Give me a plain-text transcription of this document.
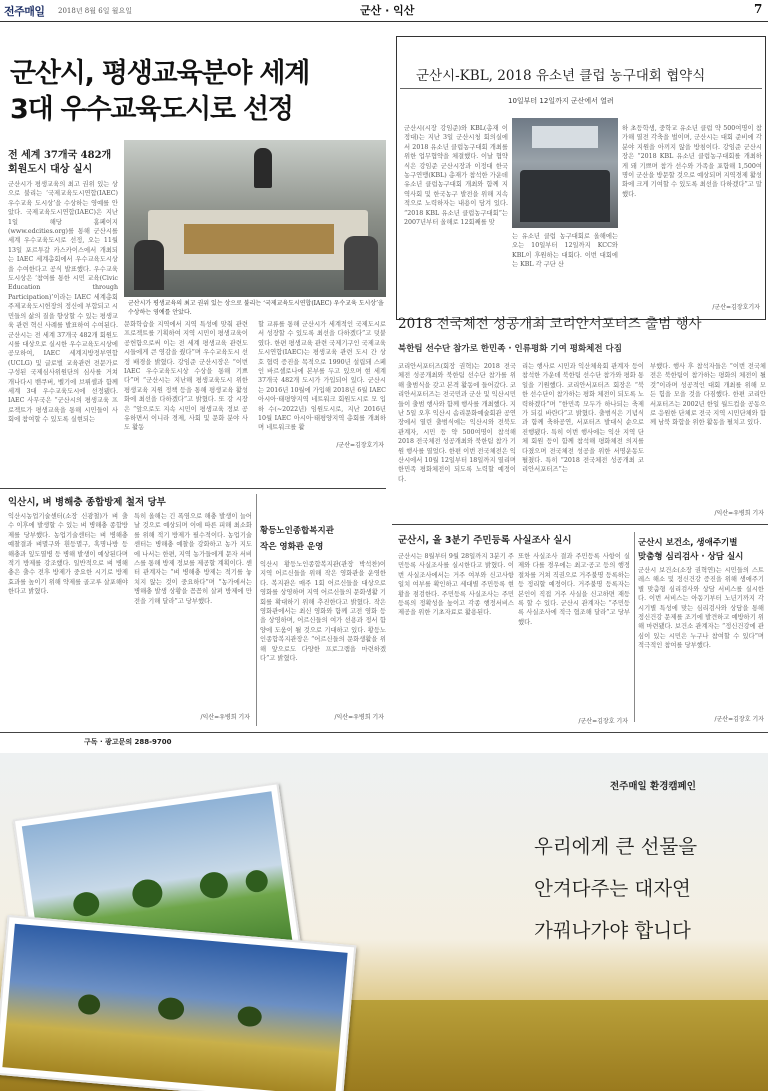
전주매일 2018년 8월 6일 월요일	군산 · 익산	7
군산시, 평생교육분야 세계
3대 우수교육도시로 선정
전 세계 37개국 482개
회원도시 대상 실시
군산시가 평생교육의 최고 권위 있는 상으로 불리는 ‘국제교육도시연합(IAEC) 우수교육 도시상’을 수상하는 영예를 안았다. 국제교육도시연합(IAEC)은 지난 1일 해당 홈페이지(www.edcities.org)를 통해 군산시를 세계 우수교육도시로 선정, 오는 11월 13일 포르투갈 카스카이스에서 개최되는 IAEC 세계총회에서 우수교육도시상을 수여한다고 공식 발표했다. 우수교육도시상은 ‘참여를 통한 시민 교육(Civic Education through Participation)’이라는 IAEC 세계총회 주제교육도시헌장의 정신에 부합되고 시민들의 삶의 질을 향상할 수 있는 평생교육 관련 혁신 사례를 발표하여 수여된다. 군산시는 전 세계 37개국 482개 회원도시를 대상으로 실시한 우수교육도시상에 공모하여, IAEC 세계지방정부연합(UCLG) 및 글로벌 교육관련 전문가로 구성된 국제심사위원단의 심사를 거쳐 개나다시 밴쿠버, 벨기에 브뤼셀과 함께 세계 3대 우수교육도시에 선정됐다. IAEC 사무국은 “군산시의 평생교육 프로젝트가 평생교육을 통해 시민들이 사회에 참여할 수 있도록 실현되는
군산시가 평생교육의 최고 권위 있는 상으로 불리는 ‘국제교육도시연합(IAEC) 우수교육 도시상’을 수상하는 영예를 안았다.
문화학습을 지역에서 지역 특성에 맞춰 관련 프로젝트를 기획하여 지역 시민이 평생교육이 공헌함으로써 이는 전 세계 평생교육 관련도시들에게 큰 영감을 줬다”며 우수교육도시 선정 배경을 밝혔다. 강임준 군산시장은 “이번 IAEC 우수교육도시상 수상을 통해 기쁘다”며 “군산시는 지난해 평생교육도시 위한 평생교육 지원 정책 등을 통해 평생교육 활성화에 최선을 다하겠다”고 밝혔다. 또 강 시장은 “앞으로도 지속 시민이 평생교육 정보 공유하면서 이니라 경제, 사회 및 문화 분야 사도 활동
할 교류를 통해 군산시가 세계적인 국제도시로서 성장할 수 있도록 최선을 다하겠다”고 덧붙였다. 한편 평생교육 관련 국제기구인 국제교육도시연합(IAEC)는 평생교육 관련 도시 간 상호 협력 증진을 목적으로 1990년 설립돼 스페인 바르셀로나에 본부를 두고 있으며 현 세계 37개국 482개 도시가 가입되어 있다. 군산시는 2016년 10월에 가입해 2018년 6월 IAEC 아시아·태평양지역 네트워크 회원도시로 모 입하 수(~2022년) 임원도시로, 지난 2016년 10월 IAEC 아시아·태평양지역 총회를 개최하며 네트워크를 활
/군산=김장호기자
군산시-KBL, 2018 유소년 클럽 농구대회 협약식
10일부터 12일까지 군산에서 열려
군산시(시장 강임준)와 KBL(총재 이정대)는 지난 3일 군산시청 회의실에서 2018 유소년 클럽농구대회 개최를 위한 업무협약을 체결했다. 이날 협약식은 강임준 군산시장과 이정대 한국농구연맹(KBL) 총재가 참석한 가운데 유소년 클럽농구대회 개최와 함께 지역사회 및 한국농구 발전을 위해 지속적으로 노력하자는 내용이 담겨 있다. “2018 KBL 유소년 클럽농구대회”는 2007년부터 올해로 12회째를 맞
는 유소년 클럽 농구대회로 올해에는 오는 10일부터 12일까지 KCC와 KBL이 후원하는 대회다. 이번 대회에는 KBL 각 구단 산
하 초등학생, 중학교 유소년 클럽 약 500여명이 참가해 열전 각축을 벌이며, 군산시는 대회 준비에 각 분야 지원을 아끼지 않을 방침이다. 강임준 군산시장은 “2018 KBL 유소년 클럽농구대회를 개최하게 돼 기쁘며 참가 선수와 가족을 포함해 1,500여명이 군산을 방문할 것으로 예상되며 지역경제 활성화에 크게 기여할 수 있도록 최선을 다하겠다”고 말했다.
/군산=김장호기자
2018 전국체전 성공개최 코리안서포터즈 출범 행사
북한팀 선수단 참가로 한민족 · 인류평화 기여 평화체전 다짐
코리안서포터즈(회장 권혁)는 2018 전국체전 성공개최와 북한팀 선수단 참가를 위해 출범식을 갖고 본격 활동에 들어갔다. 코리안서포터즈는 전국민과 군산 및 익산시민들이 출범 행사와 함께 행사를 개최했다. 지난 5일 오후 익산시 솜리문화예술회관 공연장에서 열린 출범식에는 익산시와 전북도 관계자, 시민 등 약 500여명이 참석해 2018 전국체전 성공개최와 북한팀 참가 기원 행사를 열었다. 한편 이번 전국체전은 익산시에서 10월 12일부터 18일까지 열리며 한민족 평화체전이 되도록 노력할 예정이다.
리는 행사로 시민과 익산체육회 관계자 등이 참석한 가운데 북한팀 선수단 참가와 평화 통일을 기원했다. 코리안서포터즈 회장은 “북한 선수단이 참가하는 평화 체전이 되도록 노력하겠다”며 “한민족 모두가 하나되는 축제가 되길 바란다”고 밝혔다. 출범식은 기념식과 함께 축하공연, 서포터즈 발대식 순으로 진행됐다. 특히 이번 행사에는 익산 지역 단체 회원 등이 함께 참석해 평화체전 의지를 다졌으며 전국체전 성공을 위한 서명운동도 펼쳤다. 특히 “2018 전국체전 성공개최 코리안서포터즈”는
부했다. 행사 후 참석자들은 “이번 전국체전은 북한팀이 참가하는 평화의 체전이 될 것”이라며 성공적인 대회 개최를 위해 모든 힘을 모을 것을 다짐했다. 한편 코리안서포터즈는 2002년 한일 월드컵을 공동으로 응원한 단체로 전국 지역 시민단체와 함께 남북 화합을 위한 활동을 펼치고 있다.
/익산=우병희 기자
익산시, 벼 병해충 종합방제 철저 당부
익산시농업기술센터(소장 신광철)가 벼 출수 이후에 발생할 수 있는 벼 병해충 종합방제를 당부했다. 농업기술센터는 벼 병해충 예찰결과 벼멸구와 흰등멸구, 혹명나방 등 해충과 잎도열병 등 병해 발생이 예상된다며 적기 방제를 강조했다. 일반적으로 벼 병해충은 출수 전후 방제가 중요한 시기로 방제 효과를 높이기 위해 약제를 골고루 살포해야 한다고 밝혔다.
특히 올해는 긴 폭염으로 해충 발생이 늘어날 것으로 예상되며 이에 따른 피해 최소화를 위해 적기 방제가 필수적이다. 농업기술센터는 병해충 예찰을 강화하고 농가 지도에 나서는 한편, 지역 농가들에게 문자 서비스를 통해 방제 정보를 제공할 계획이다. 센터 관계자는 “벼 병해충 방제는 적기를 놓치지 않는 것이 중요하다”며 “농가에서는 병해충 발생 상황을 꼼꼼히 살펴 방제에 만전을 기해 달라”고 당부했다.
/익산=우병희 기자
황등노인종합복지관
작은 영화관 운영
익산시 황등노인종합복지관(관장 박석찬)이 지역 어르신들을 위해 작은 영화관을 운영한다. 복지관은 매주 1회 어르신들을 대상으로 영화를 상영하며 지역 어르신들의 문화생활 기회를 확대하기 위해 추진한다고 밝혔다. 작은 영화관에서는 최신 영화와 함께 고전 영화 등을 상영하며, 어르신들의 여가 선용과 정서 함양에 도움이 될 것으로 기대하고 있다. 황등노인종합복지관장은 “어르신들의 문화생활을 위해 앞으로도 다양한 프로그램을 마련하겠다”고 밝혔다.
/익산=우병희 기자
군산시, 올 3분기 주민등록 사실조사 실시
군산시는 8월부터 9월 28일까지 3분기 주민등록 사실조사를 실시한다고 밝혔다. 이번 사실조사에서는 거주 여부와 신고사항 일치 여부를 확인하고 세대별 주민등록 현황을 점검한다. 주민등록 사실조사는 주민등록의 정확성을 높이고 각종 행정서비스 제공을 위한 기초자료로 활용된다.
또한 사실조사 결과 주민등록 사항이 실제와 다를 경우에는 최고·공고 등의 행정 절차를 거쳐 직권으로 거주불명 등록하는 등 정리할 예정이다. 거주불명 등록자는 본인이 직접 거주 사실을 신고하면 재등록 할 수 있다. 군산시 관계자는 “주민등록 사실조사에 적극 협조해 달라”고 당부했다.
/군산=김장호 기자
군산시 보건소, 생애주기별
맞춤형 심리검사 · 상담 실시
군산시 보건소(소장 권혁연)는 시민들의 스트레스 해소 및 정신건강 증진을 위해 생애주기별 맞춤형 심리검사와 상담 서비스를 실시한다. 이번 서비스는 아동기부터 노년기까지 각 시기별 특성에 맞는 심리검사와 상담을 통해 정신건강 문제를 조기에 발견하고 예방하기 위해 마련됐다. 보건소 관계자는 “정신건강에 관심이 있는 시민은 누구나 참여할 수 있다”며 적극적인 참여를 당부했다.
/군산=김장호 기자
구독 · 광고문의 288-9700
전주매일 환경캠페인
우리에게 큰 선물을
안겨다주는 대자연
가꿔나가야 합니다
